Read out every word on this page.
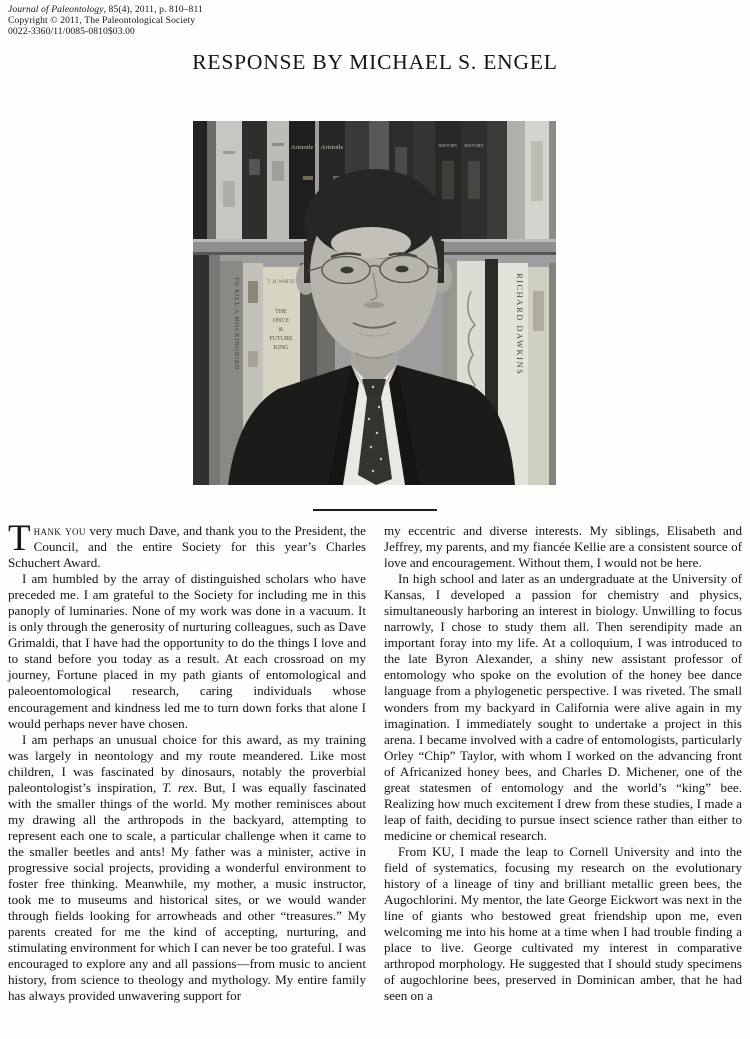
Journal of Paleontology, 85(4), 2011, p. 810–811
Copyright © 2011, The Paleontological Society
0022-3360/11/0085-0810$03.00
RESPONSE BY MICHAEL S. ENGEL
Aristotle Aristotle	HISTORY HISTORY
TO KILL A MOCKINGBIRD	T. H. WHITE
THE ONCE & FUTURE KING	RICHARD DAWKINS

Thank you very much Dave, and thank you to the President, the Council, and the entire Society for this year’s Charles Schuchert Award.

I am humbled by the array of distinguished scholars who have preceded me. I am grateful to the Society for including me in this panoply of luminaries. None of my work was done in a vacuum. It is only through the generosity of nurturing colleagues, such as Dave Grimaldi, that I have had the opportunity to do the things I love and to stand before you today as a result. At each crossroad on my journey, Fortune placed in my path giants of entomological and paleoentomological research, caring individuals whose encouragement and kindness led me to turn down forks that alone I would perhaps never have chosen.

I am perhaps an unusual choice for this award, as my training was largely in neontology and my route meandered. Like most children, I was fascinated by dinosaurs, notably the proverbial paleontologist’s inspiration, T. rex. But, I was equally fascinated with the smaller things of the world. My mother reminisces about my drawing all the arthropods in the backyard, attempting to represent each one to scale, a particular challenge when it came to the smaller beetles and ants! My father was a minister, active in progressive social projects, providing a wonderful environment to foster free thinking. Meanwhile, my mother, a music instructor, took me to museums and historical sites, or we would wander through fields looking for arrowheads and other “treasures.” My parents created for me the kind of accepting, nurturing, and stimulating environment for which I can never be too grateful. I was encouraged to explore any and all passions—from music to ancient history, from science to theology and mythology. My entire family has always provided unwavering support for

my eccentric and diverse interests. My siblings, Elisabeth and Jeffrey, my parents, and my fiancée Kellie are a consistent source of love and encouragement. Without them, I would not be here.

In high school and later as an undergraduate at the University of Kansas, I developed a passion for chemistry and physics, simultaneously harboring an interest in biology. Unwilling to focus narrowly, I chose to study them all. Then serendipity made an important foray into my life. At a colloquium, I was introduced to the late Byron Alexander, a shiny new assistant professor of entomology who spoke on the evolution of the honey bee dance language from a phylogenetic perspective. I was riveted. The small wonders from my backyard in California were alive again in my imagination. I immediately sought to undertake a project in this arena. I became involved with a cadre of entomologists, particularly Orley “Chip” Taylor, with whom I worked on the advancing front of Africanized honey bees, and Charles D. Michener, one of the great statesmen of entomology and the world’s “king” bee. Realizing how much excitement I drew from these studies, I made a leap of faith, deciding to pursue insect science rather than either to medicine or chemical research.

From KU, I made the leap to Cornell University and into the field of systematics, focusing my research on the evolutionary history of a lineage of tiny and brilliant metallic green bees, the Augochlorini. My mentor, the late George Eickwort was next in the line of giants who bestowed great friendship upon me, even welcoming me into his home at a time when I had trouble finding a place to live. George cultivated my interest in comparative arthropod morphology. He suggested that I should study specimens of augochlorine bees, preserved in Dominican amber, that he had seen on a
